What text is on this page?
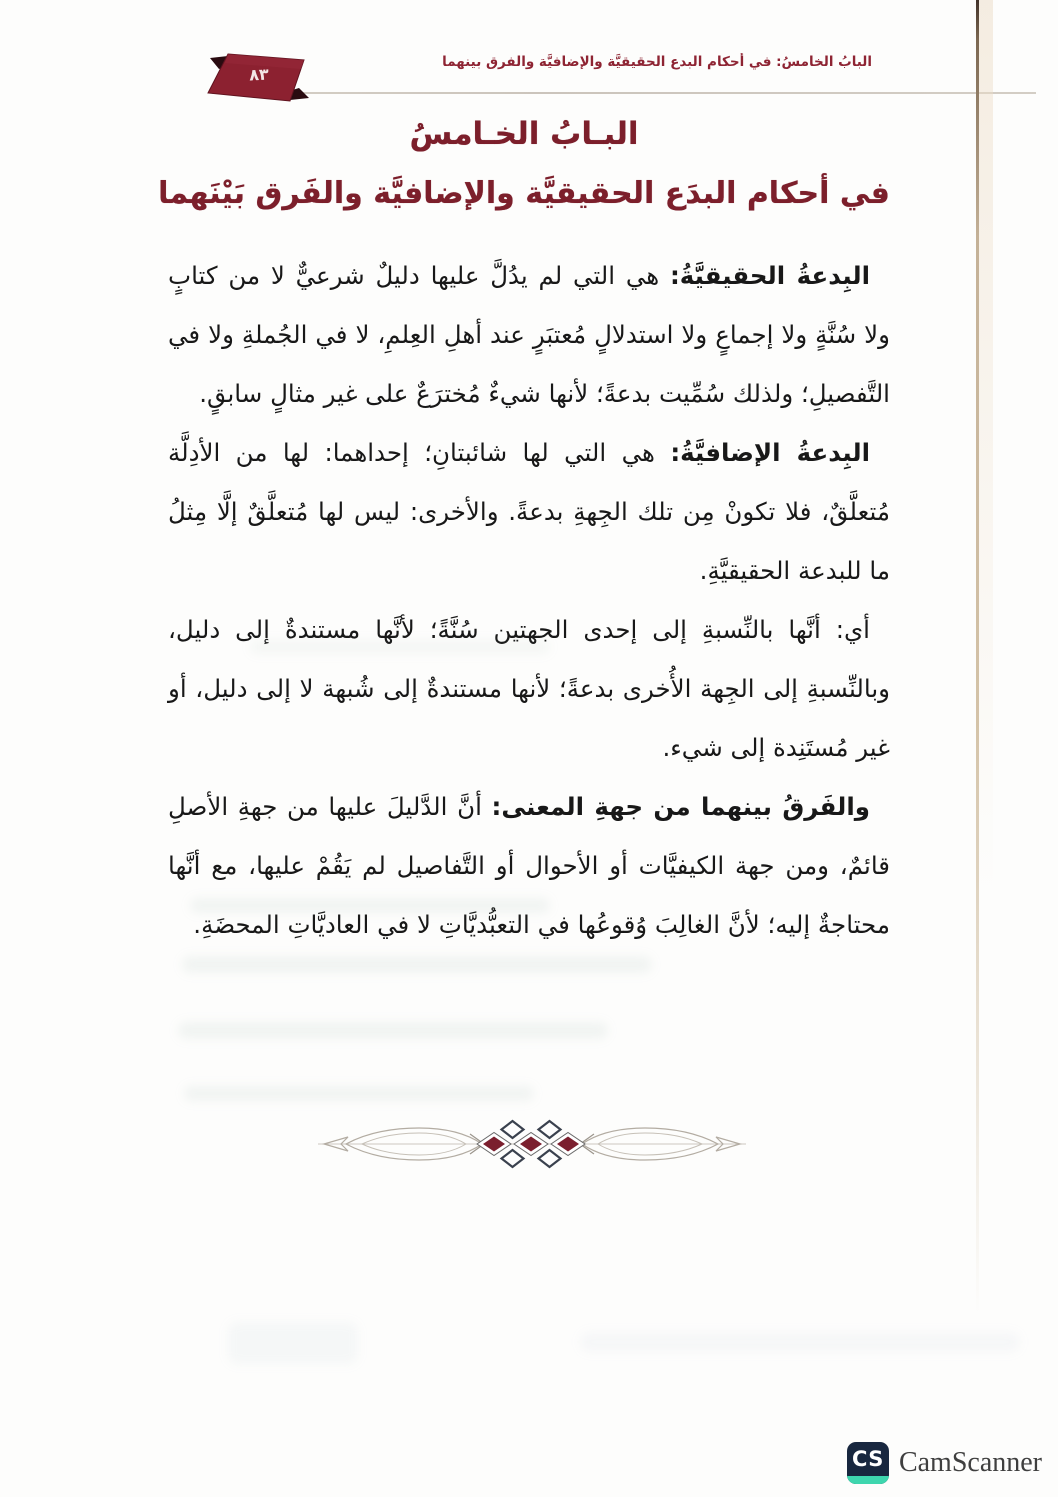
٨٣
البابُ الخامسُ: في أحكام البدع الحقيقيَّة والإضافيَّة والفرق بينهما
البـابُ الخـامسُ
في أحكام البدَع الحقيقيَّة والإضافيَّة والفَرق بَيْنَهما

البِدعةُ الحقيقيَّةُ: هي التي لم يدُلَّ عليها دليلٌ شرعيٌّ لا من كتابٍ ولا سُنَّةٍ ولا إجماعٍ ولا استدلالٍ مُعتبَرٍ عند أهلِ العِلمِ، لا في الجُملةِ ولا في التَّفصيلِ؛ ولذلك سُمِّيت بدعةً؛ لأنها شيءٌ مُخترَعٌ على غير مثالٍ سابقٍ.

البِدعةُ الإضافيَّةُ: هي التي لها شائبتانِ؛ إحداهما: لها من الأدِلَّة مُتعلَّقٌ، فلا تكونْ مِن تلك الجِهةِ بدعةً. والأخرى: ليس لها مُتعلَّقٌ إلَّا مِثلُ ما للبدعة الحقيقيَّةِ.

أي: أنَّها بالنِّسبةِ إلى إحدى الجهتين سُنَّةً؛ لأنَّها مستندةٌ إلى دليل، وبالنِّسبةِ إلى الجِهة الأُخرى بدعةً؛ لأنها مستندةٌ إلى شُبهة لا إلى دليل، أو غير مُستَنِدة إلى شيء.

والفَرقُ بينهما من جهةِ المعنى: أنَّ الدَّليلَ عليها من جهةِ الأصلِ قائمٌ، ومن جهة الكيفيَّات أو الأحوال أو التَّفاصيل لم يَقُمْ عليها، مع أنَّها محتاجةٌ إليه؛ لأنَّ الغالِبَ وُقوعُها في التعبُّديَّاتِ لا في العاديَّاتِ المحضَةِ.

CS CamScanner
